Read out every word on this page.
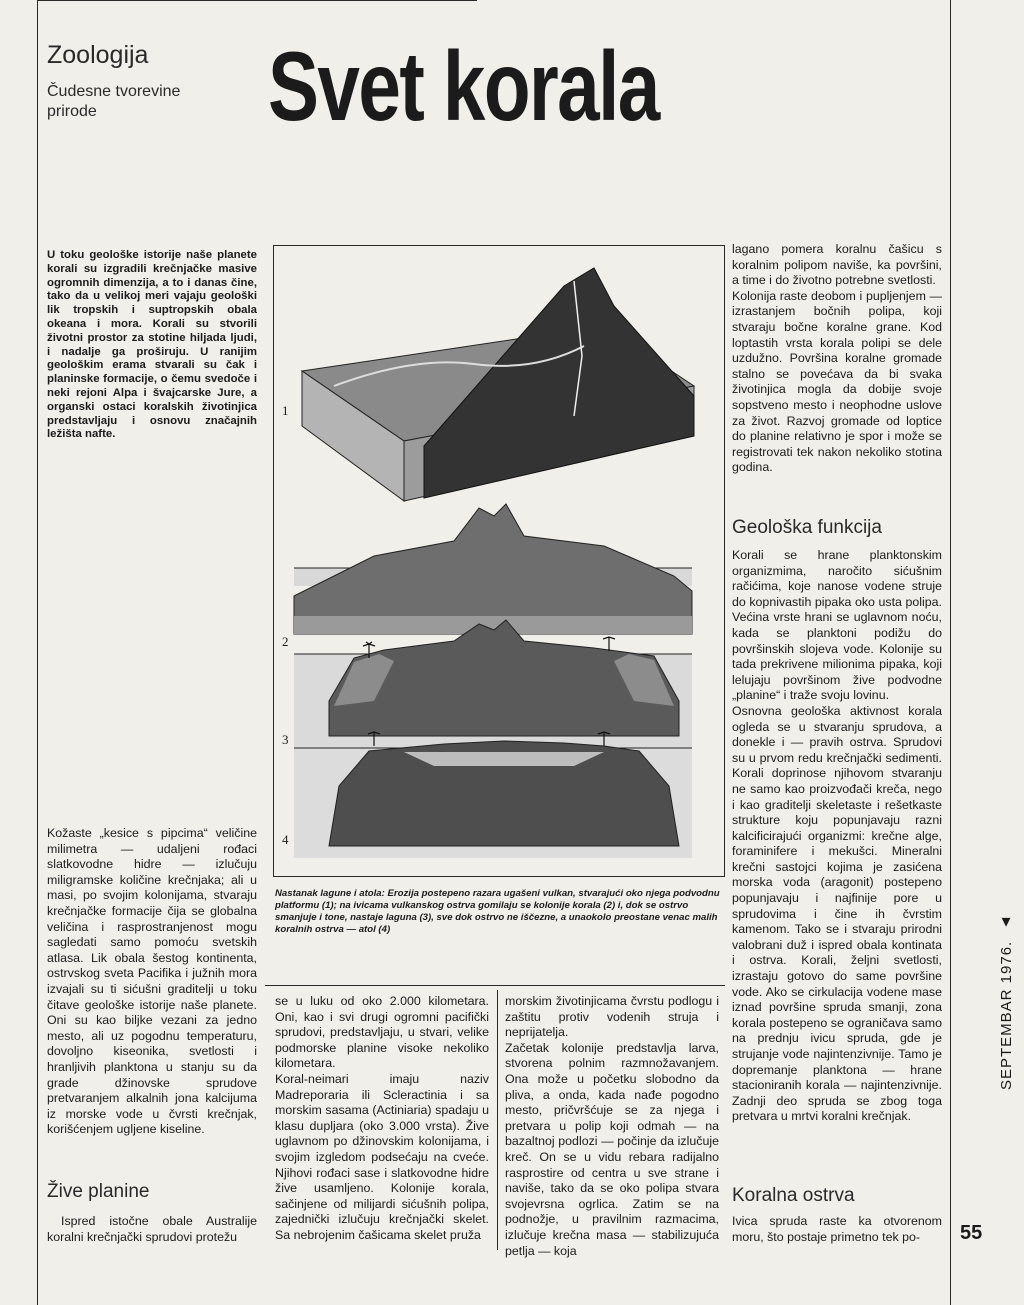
Zoologija
Čudesne tvorevine
prirode Svet korala
U toku geološke istorije naše planete korali su izgradili krečnjačke masive ogromnih dimenzija, a to i danas čine, tako da u velikoj meri vajaju geološki lik tropskih i suptropskih obala okeana i mora. Korali su stvorili životni prostor za stotine hiljada ljudi, i nadalje ga proširuju. U ranijim geološkim erama stvarali su čak i planinske formacije, o čemu svedoče i neki rejoni Alpa i švajcarske Jure, a organski ostaci koralskih životinjica predstavljaju i osnovu značajnih ležišta nafte.
1
2
3
4
Nastanak lagune i atola: Erozija postepeno razara ugašeni vulkan, stvarajući oko njega podvodnu platformu (1); na ivicama vulkanskog ostrva gomilaju se kolonije korala (2) i, dok se ostrvo smanjuje i tone, nastaje laguna (3), sve dok ostrvo ne iščezne, a unaokolo preostane venac malih koralnih ostrva — atol (4)

Kožaste „kesice s pipcima“ veličine milimetra — udaljeni rođaci slatkovodne hidre — izlučuju miligramske količine krečnjaka; ali u masi, po svojim kolonijama, stvaraju krečnjačke formacije čija se globalna veličina i rasprostranjenost mogu sagledati samo pomoću svetskih atlasa. Lik obala šestog kontinenta, ostrvskog sveta Pacifika i južnih mora izvajali su ti sićušni graditelji u toku čitave geološke istorije naše planete. Oni su kao biljke vezani za jedno mesto, ali uz pogodnu temperaturu, dovoljno kiseonika, svetlosti i hranljivih planktona u stanju su da grade džinovske sprudove pretvaranjem alkalnih jona kalcijuma iz morske vode u čvrsti krečnjak, korišćenjem ugljene kiseline.

Žive planine

Ispred istočne obale Australije koralni krečnjački sprudovi protežu

se u luku od oko 2.000 kilometara. Oni, kao i svi drugi ogromni pacifički sprudovi, predstavljaju, u stvari, velike podmorske planine visoke nekoliko kilometara.
Koral-neimari imaju naziv Madreporaria ili Scleractinia i sa morskim sasama (Actiniaria) spadaju u klasu dupljara (oko 3.000 vrsta). Žive uglavnom po džinovskim kolonijama, i svojim izgledom podsećaju na cveće. Njihovi rođaci sase i slatkovodne hidre žive usamljeno. Kolonije korala, sačinjene od milijardi sićušnih polipa, zajednički izlučuju krečnjački skelet. Sa nebrojenim čašicama skelet pruža
morskim životinjicama čvrstu podlogu i zaštitu protiv vodenih struja i neprijatelja.
Začetak kolonije predstavlja larva, stvorena polnim razmnožavanjem. Ona može u početku slobodno da pliva, a onda, kada nađe pogodno mesto, pričvršćuje se za njega i pretvara u polip koji odmah — na bazaltnoj podlozi — počinje da izlučuje kreč. On se u vidu rebara radijalno rasprostire od centra u sve strane i naviše, tako da se oko polipa stvara svojevrsna ogrlica. Zatim se na podnožje, u pravilnim razmacima, izlučuje krečna masa — stabilizujuća petlja — koja
lagano pomera koralnu čašicu s koralnim polipom naviše, ka površini, a time i do životno potrebne svetlosti.
Kolonija raste deobom i pupljenjem — izrastanjem bočnih polipa, koji stvaraju bočne koralne grane. Kod loptastih vrsta korala polipi se dele uzdužno. Površina koralne gromade stalno se povećava da bi svaka životinjica mogla da dobije svoje sopstveno mesto i neophodne uslove za život. Razvoj gromade od loptice do planine relativno je spor i može se registrovati tek nakon nekoliko stotina godina.
Geološka funkcija
Korali se hrane planktonskim organizmima, naročito sićušnim račićima, koje nanose vodene struje do kopnivastih pipaka oko usta polipa. Većina vrste hrani se uglavnom noću, kada se planktoni podižu do površinskih slojeva vode. Kolonije su tada prekrivene milionima pipaka, koji lelujaju površinom žive podvodne „planine“ i traže svoju lovinu.
Osnovna geološka aktivnost korala ogleda se u stvaranju sprudova, a donekle i — pravih ostrva. Sprudovi su u prvom redu krečnjački sedimenti. Korali doprinose njihovom stvaranju ne samo kao proizvođači kreča, nego i kao graditelji skeletaste i rešetkaste strukture koju popunjavaju razni kalcificirajući organizmi: krečne alge, foraminifere i mekušci. Mineralni krečni sastojci kojima je zasićena morska voda (aragonit) postepeno popunjavaju i najfinije pore u sprudovima i čine ih čvrstim kamenom. Tako se i stvaraju prirodni valobrani duž i ispred obala kontinata i ostrva. Korali, željni svetlosti, izrastaju gotovo do same površine vode. Ako se cirkulacija vodene mase iznad površine spruda smanji, zona korala postepeno se ograničava samo na prednju ivicu spruda, gde je strujanje vode najintenzivnije. Tamo je dopremanje planktona — hrane stacioniranih korala — najintenzivnije. Zadnji deo spruda se zbog toga pretvara u mrtvi koralni krečnjak.
Koralna ostrva
Ivica spruda raste ka otvorenom moru, što postaje primetno tek po-
SEPTEMBAR 1976. ▼
55
